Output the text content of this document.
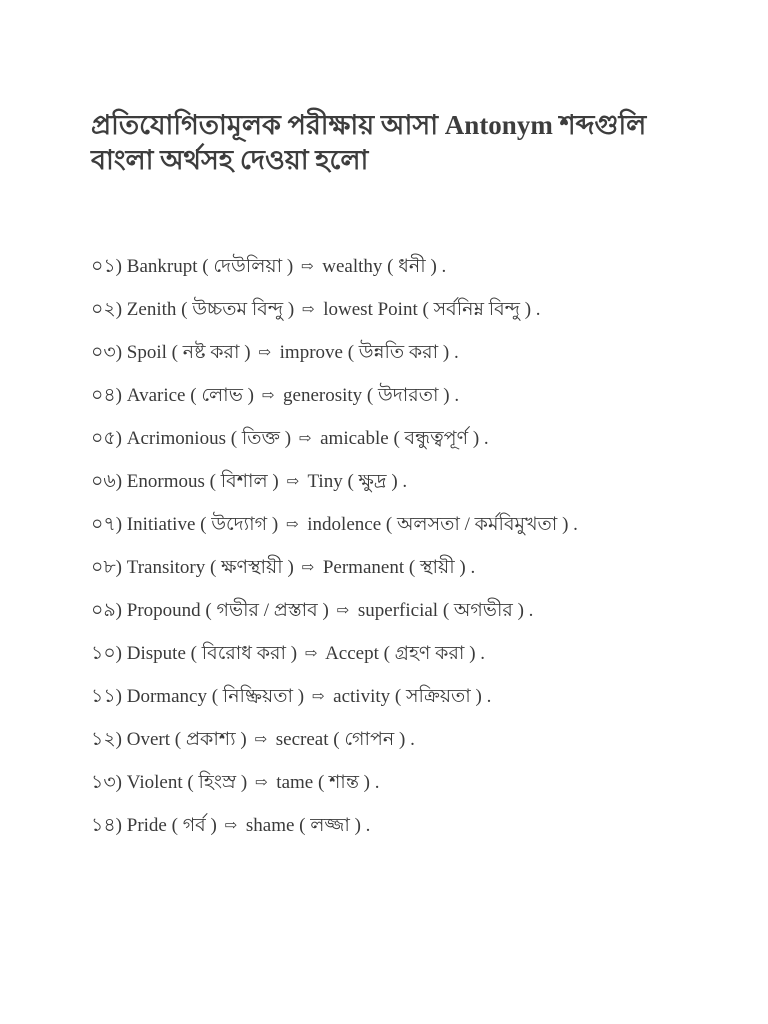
প্রতিযোগিতামূলক পরীক্ষায় আসা Antonym শব্দগুলি বাংলা অর্থসহ দেওয়া হলো
০১) Bankrupt ( দেউলিয়া ) ⇨ wealthy ( ধনী ) .
০২) Zenith ( উচ্চতম বিন্দু ) ⇨ lowest Point ( সর্বনিম্ন বিন্দু ) .
০৩) Spoil ( নষ্ট করা ) ⇨ improve ( উন্নতি করা ) .
০৪) Avarice ( লোভ ) ⇨ generosity ( উদারতা ) .
০৫) Acrimonious ( তিক্ত ) ⇨ amicable ( বন্ধুত্বপূর্ণ ) .
০৬) Enormous ( বিশাল ) ⇨ Tiny ( ক্ষুদ্র ) .
০৭) Initiative ( উদ্যোগ ) ⇨ indolence ( অলসতা / কর্মবিমুখতা ) .
০৮) Transitory ( ক্ষণস্থায়ী ) ⇨ Permanent ( স্থায়ী ) .
০৯) Propound ( গভীর / প্রস্তাব ) ⇨ superficial ( অগভীর ) .
১০) Dispute ( বিরোধ করা ) ⇨ Accept ( গ্রহণ করা ) .
১১) Dormancy ( নিষ্ক্রিয়তা ) ⇨ activity ( সক্রিয়তা ) .
১২) Overt ( প্রকাশ্য ) ⇨ secreat ( গোপন ) .
১৩) Violent ( হিংস্র ) ⇨ tame ( শান্ত ) .
১৪) Pride ( গর্ব ) ⇨ shame ( লজ্জা ) .
